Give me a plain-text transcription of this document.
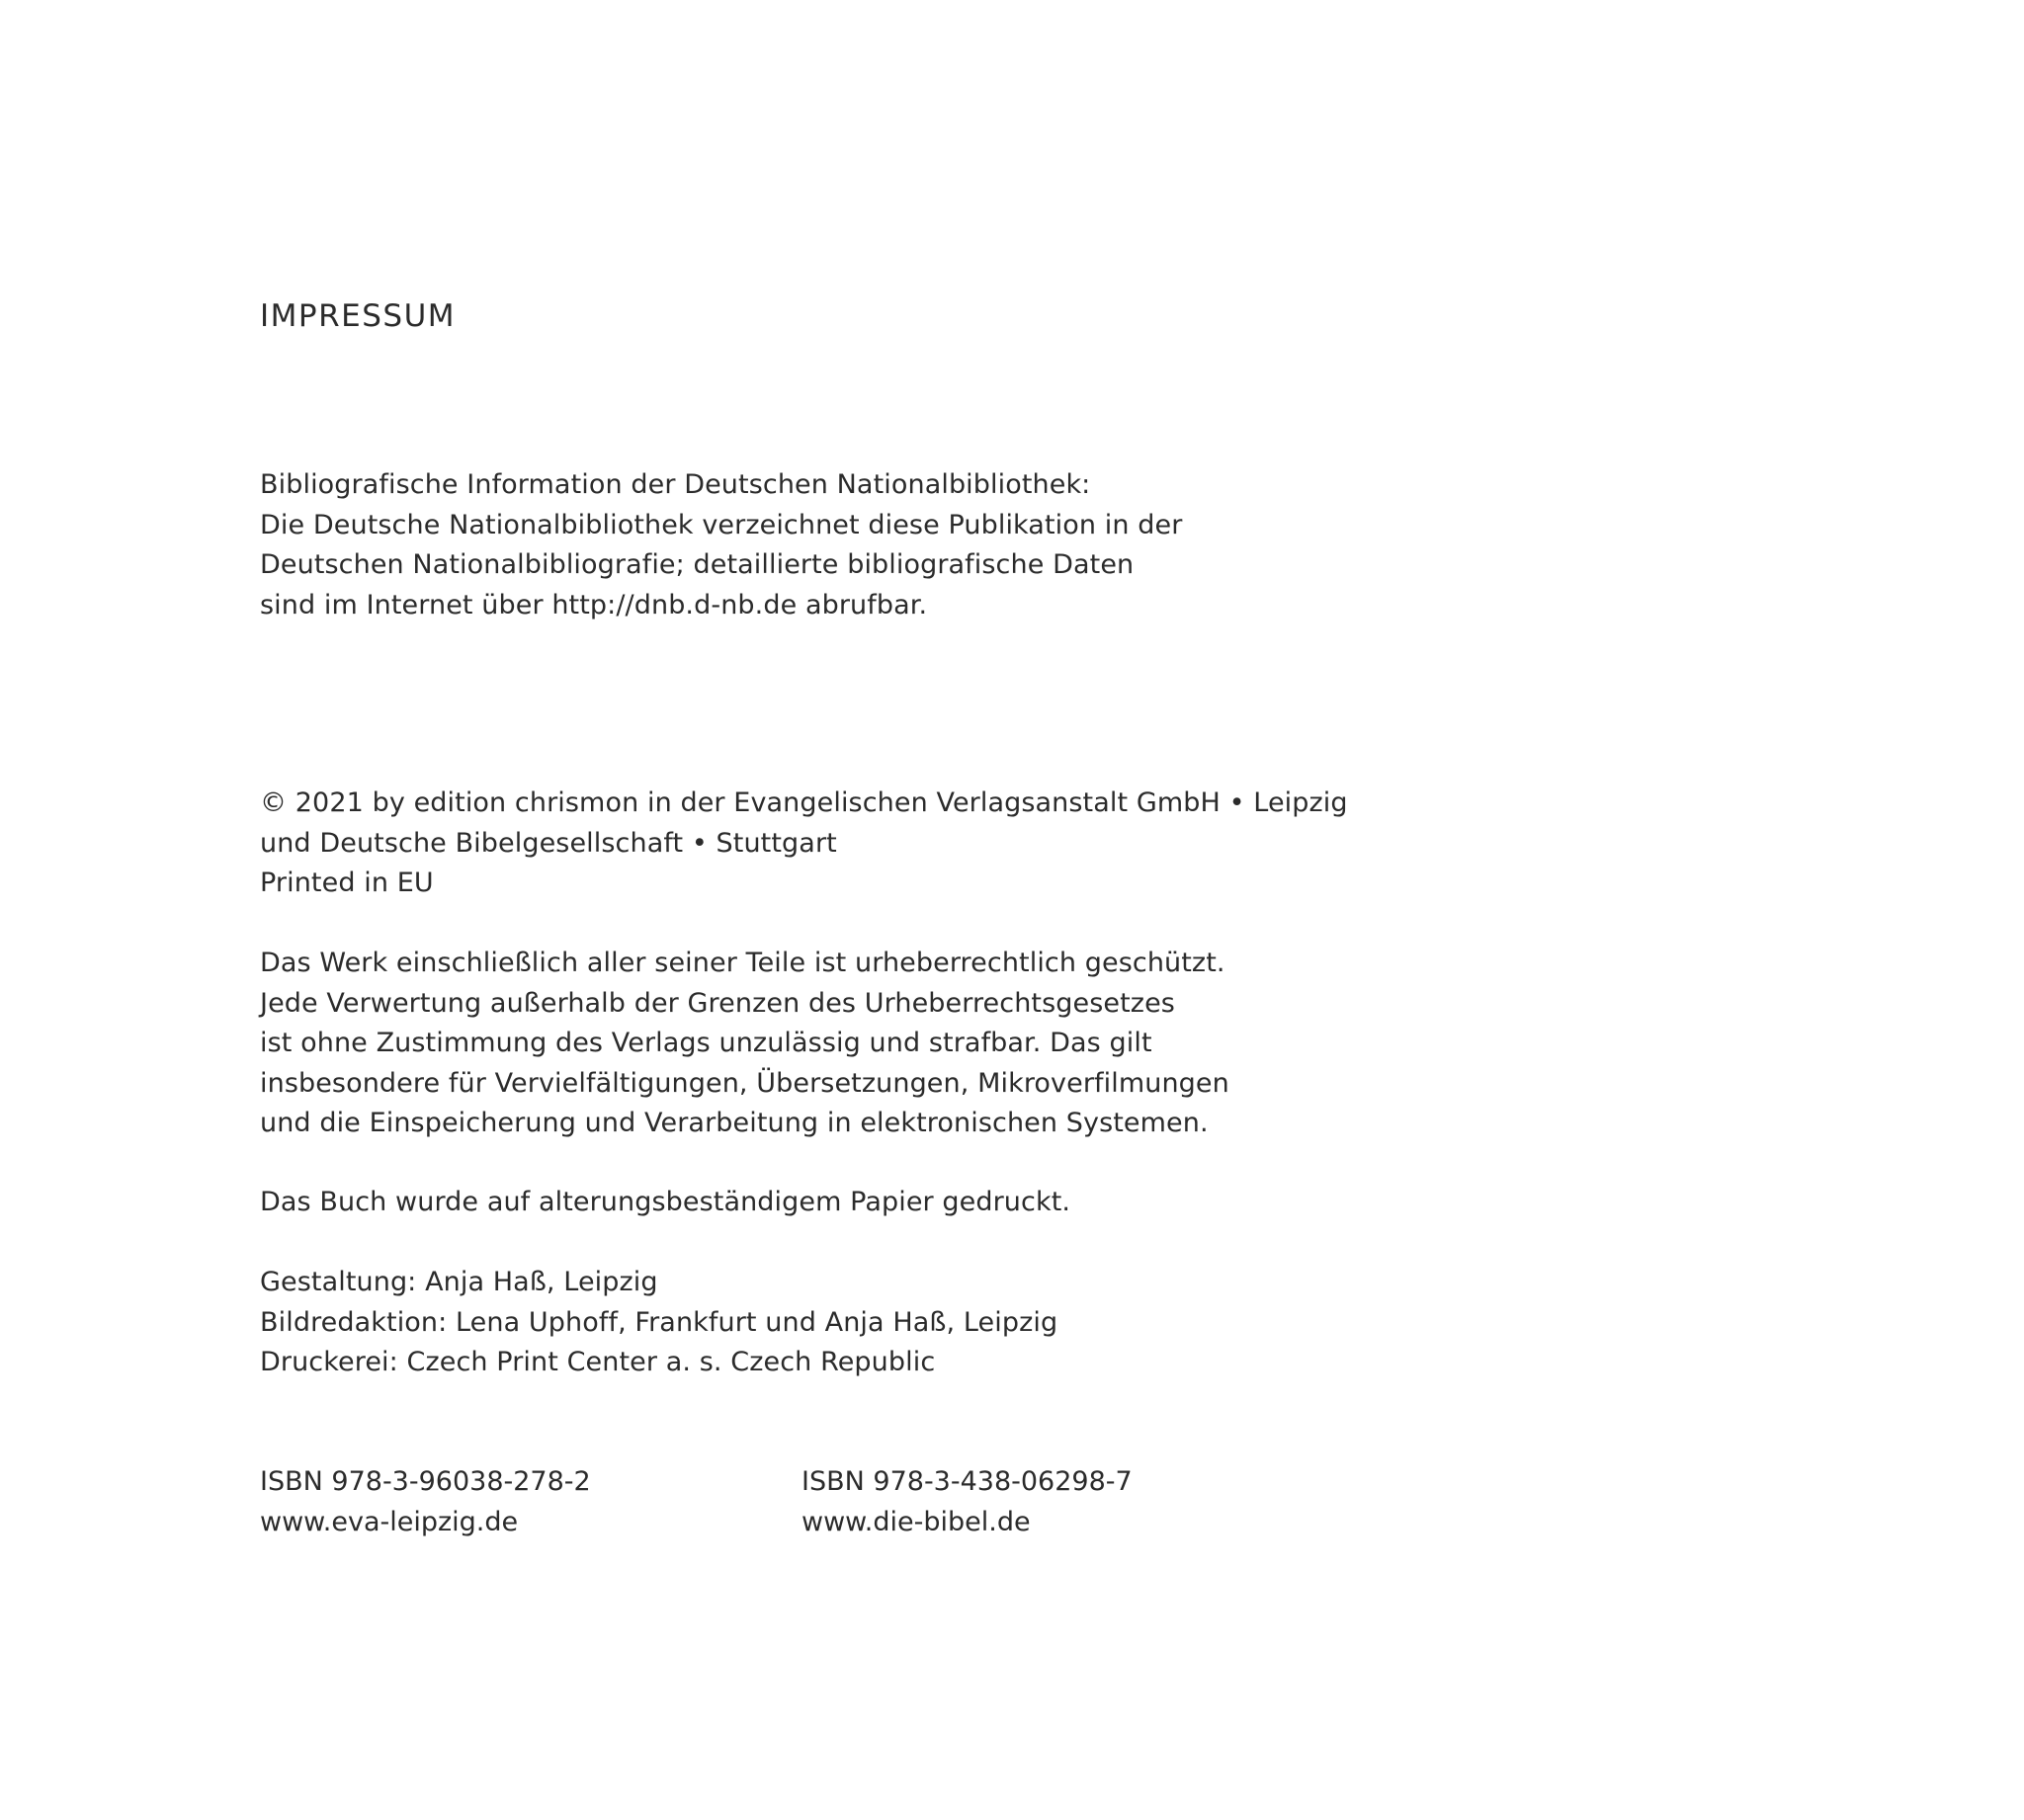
IMPRESSUM
Bibliografische Information der Deutschen Nationalbibliothek:
Die Deutsche Nationalbibliothek verzeichnet diese Publikation in der
Deutschen Nationalbibliografie; detaillierte bibliografische Daten
sind im Internet über http://dnb.d-nb.de abrufbar.
© 2021 by edition chrismon in der Evangelischen Verlagsanstalt GmbH • Leipzig
und Deutsche Bibelgesellschaft • Stuttgart
Printed in EU
Das Werk einschließlich aller seiner Teile ist urheberrechtlich geschützt.
Jede Verwertung außerhalb der Grenzen des Urheberrechtsgesetzes
ist ohne Zustimmung des Verlags unzulässig und strafbar. Das gilt
insbesondere für Vervielfältigungen, Übersetzungen, Mikroverfilmungen
und die Einspeicherung und Verarbeitung in elektronischen Systemen.
Das Buch wurde auf alterungsbeständigem Papier gedruckt.
Gestaltung: Anja Haß, Leipzig
Bildredaktion: Lena Uphoff, Frankfurt und Anja Haß, Leipzig
Druckerei: Czech Print Center a. s. Czech Republic
ISBN 978-3-96038-278-2
www.eva-leipzig.de
ISBN 978-3-438-06298-7
www.die-bibel.de
